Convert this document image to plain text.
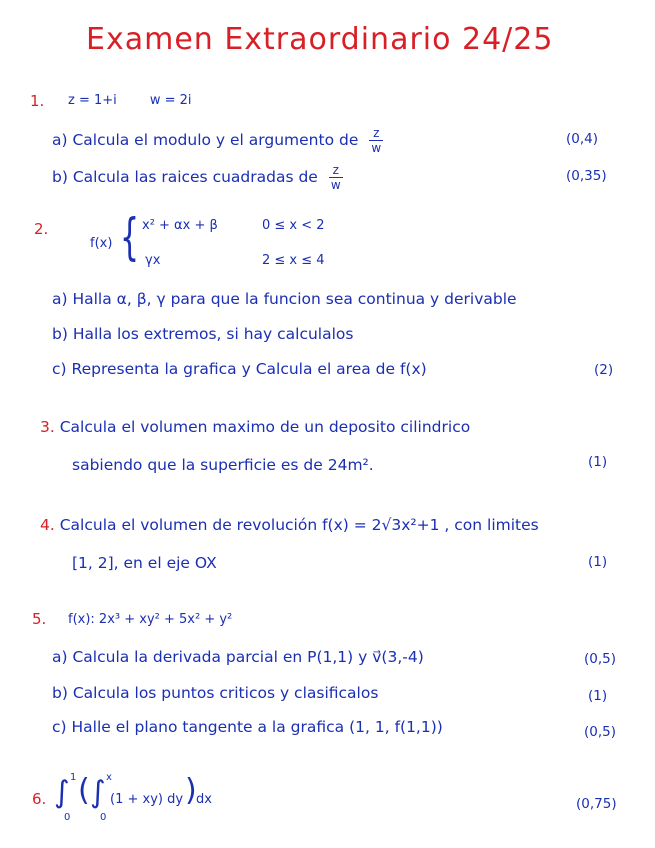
Examen Extraordinario 24/25
1. z = 1+i        w = 2i
a) Calcula el modulo y el argumento de $\frac{z}{w}$	(0,4)
b) Calcula las raices cuadradas de $\frac{z}{w}$	(0,35)
2.
f(x) { x² + αx + β	0 ≤ x < 2
γx	2 ≤ x ≤ 4
a) Halla α, β, γ para que la funcion sea continua y derivable
b) Halla los extremos, si hay calculalos
c) Representa la grafica y Calcula el area de f(x)	(2)
3. Calcula el volumen maximo de un deposito cilindrico
sabiendo que la superficie es de 24m².	(1)
4. Calcula el volumen de revolución f(x) = 2√3x²+1 , con limites
[1, 2], en el eje OX	(1)
5. f(x): 2x³ + xy² + 5x² + y²
a) Calcula la derivada parcial en P(1,1) y v⃗(3,-4)	(0,5)
b) Calcula los puntos criticos y clasificalos	(1)
c) Halle el plano tangente a la grafica (1, 1, f(1,1))	(0,5)
6. ∫ 1
0
( ∫ x
0
(1 + xy) dy ) dx	(0,75)
